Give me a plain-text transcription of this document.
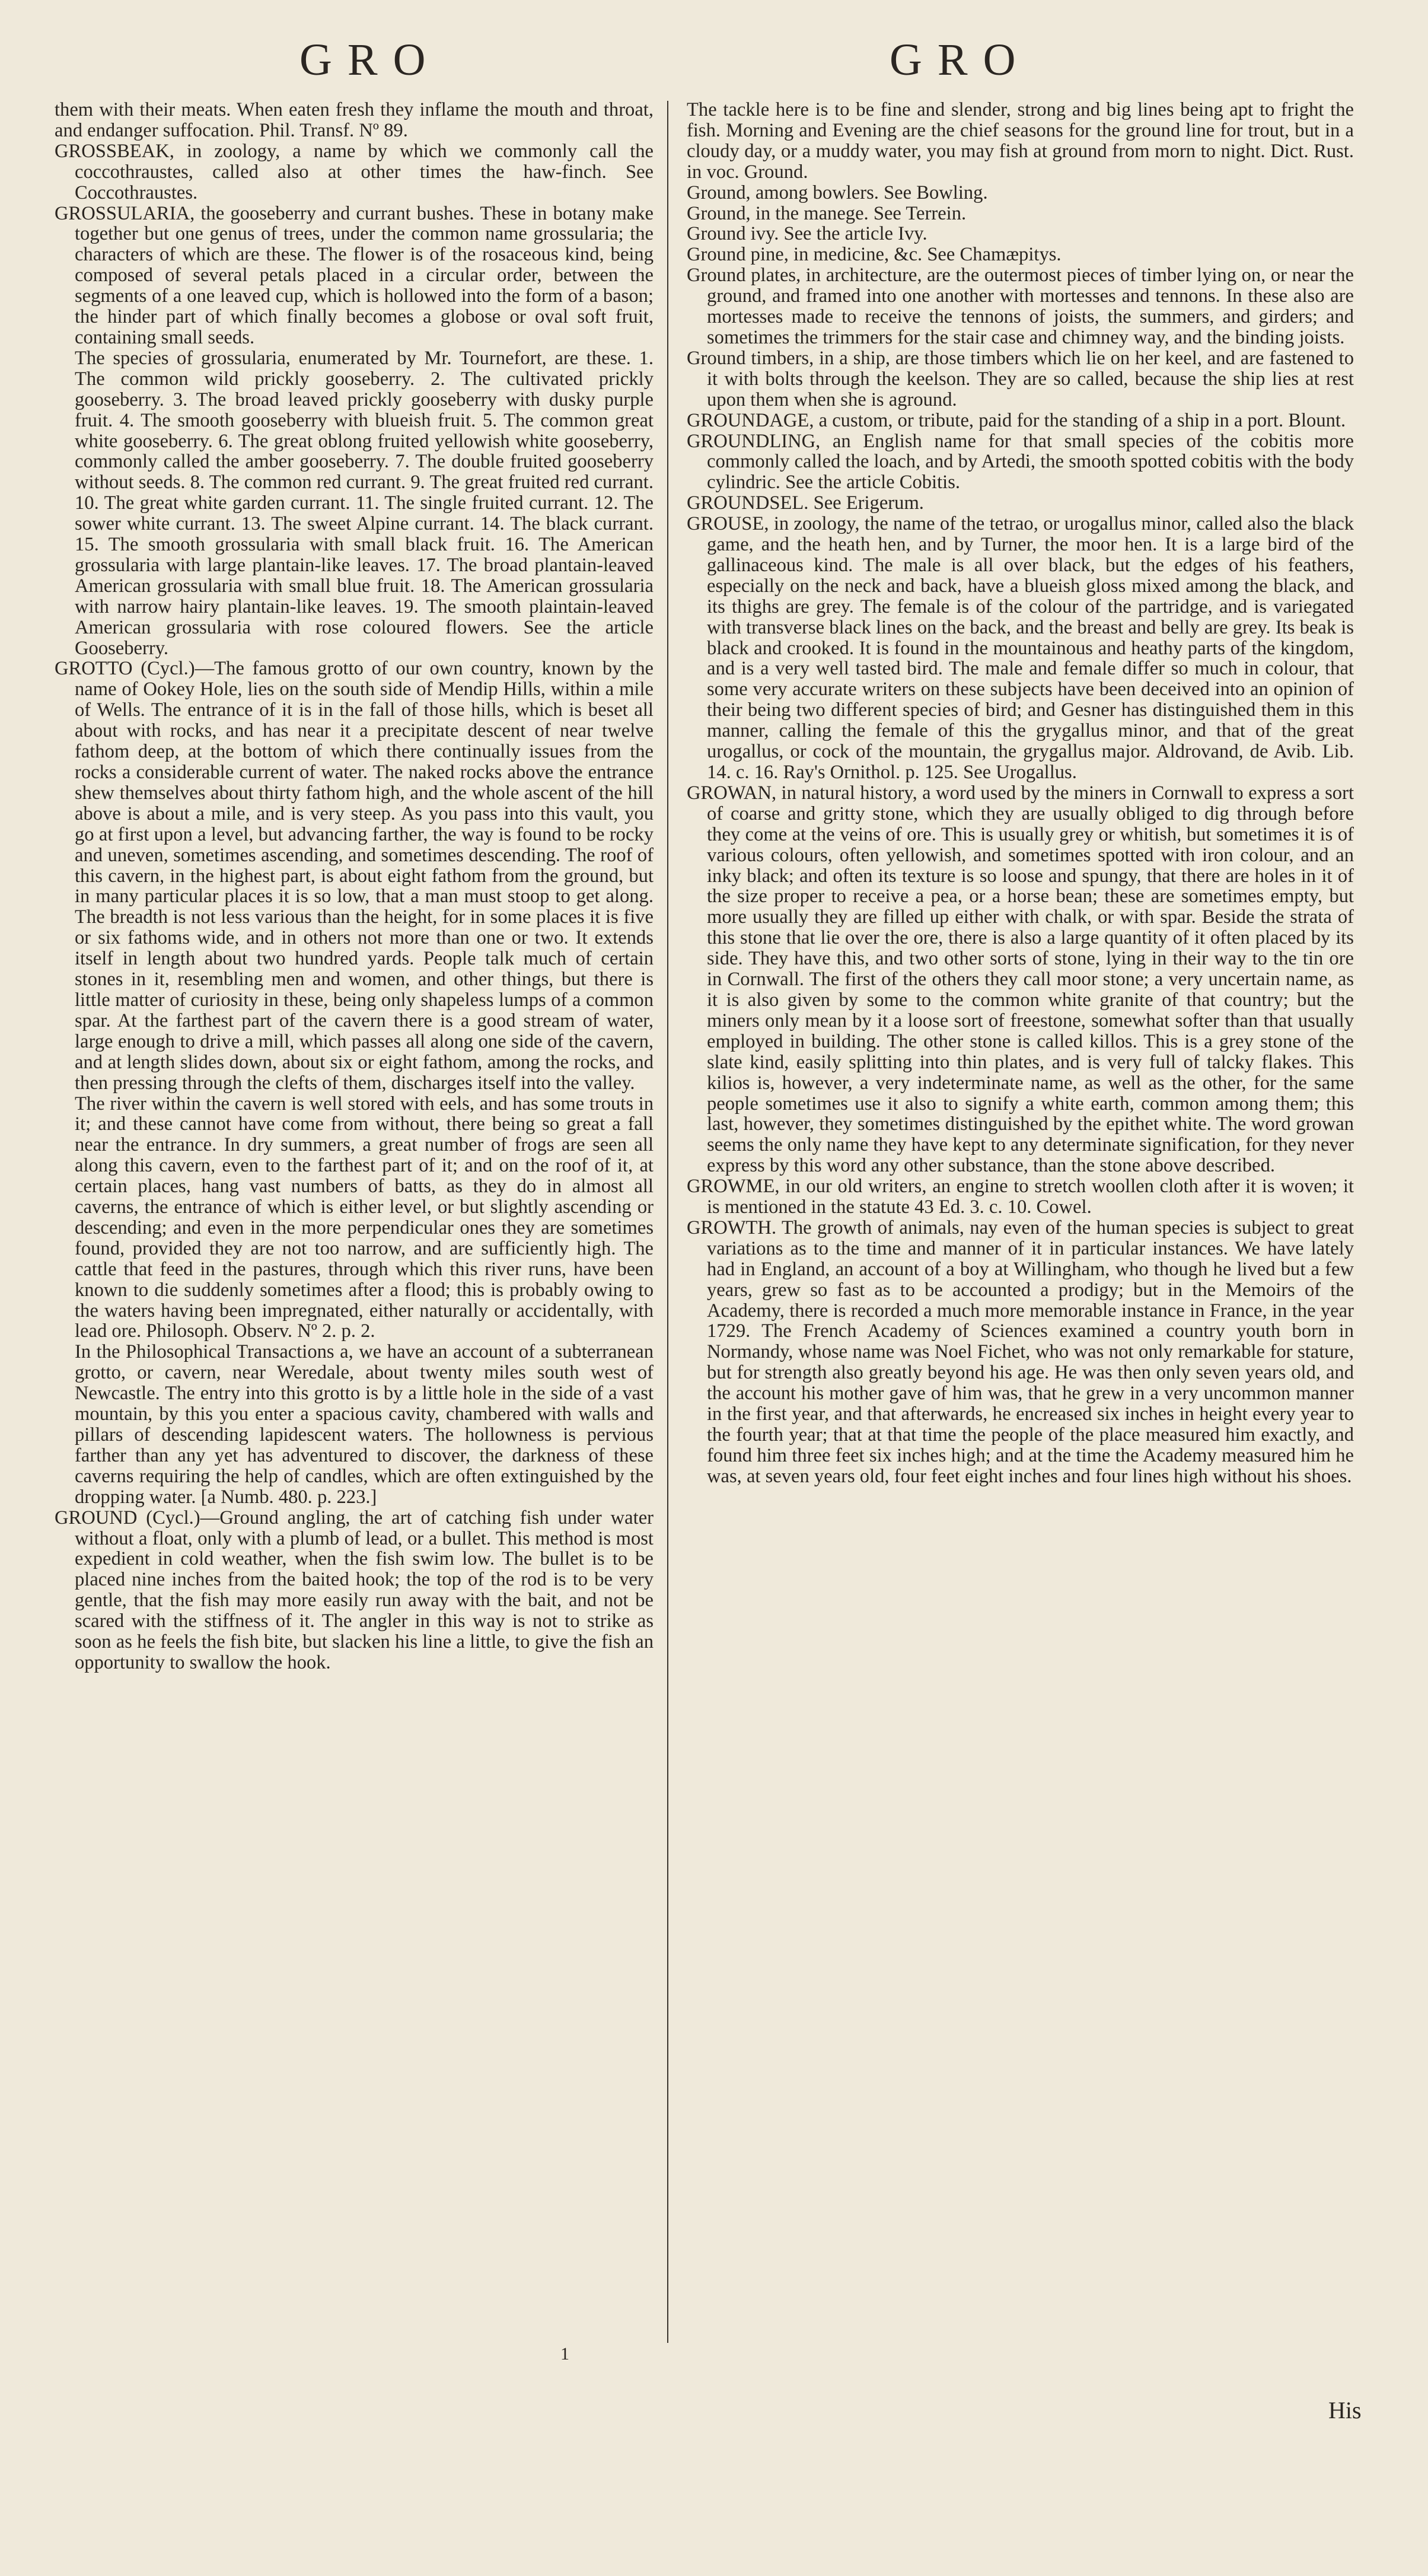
GRO	GRO

them with their meats. When eaten fresh they inflame the mouth and throat, and endanger suffocation. Phil. Transf. Nº 89.

GROSSBEAK, in zoology, a name by which we commonly call the coccothraustes, called also at other times the haw-finch. See Coccothraustes.

GROSSULARIA, the gooseberry and currant bushes. These in botany make together but one genus of trees, under the common name grossularia; the characters of which are these. The flower is of the rosaceous kind, being composed of several petals placed in a circular order, between the segments of a one leaved cup, which is hollowed into the form of a bason; the hinder part of which finally becomes a globose or oval soft fruit, containing small seeds.

The species of grossularia, enumerated by Mr. Tournefort, are these. 1. The common wild prickly gooseberry. 2. The cultivated prickly gooseberry. 3. The broad leaved prickly gooseberry with dusky purple fruit. 4. The smooth gooseberry with blueish fruit. 5. The common great white gooseberry. 6. The great oblong fruited yellowish white gooseberry, commonly called the amber gooseberry. 7. The double fruited gooseberry without seeds. 8. The common red currant. 9. The great fruited red currant. 10. The great white garden currant. 11. The single fruited currant. 12. The sower white currant. 13. The sweet Alpine currant. 14. The black currant. 15. The smooth grossularia with small black fruit. 16. The American grossularia with large plantain-like leaves. 17. The broad plantain-leaved American grossularia with small blue fruit. 18. The American grossularia with narrow hairy plantain-like leaves. 19. The smooth plaintain-leaved American grossularia with rose coloured flowers. See the article Gooseberry.

GROTTO (Cycl.)—The famous grotto of our own country, known by the name of Ookey Hole, lies on the south side of Mendip Hills, within a mile of Wells. The entrance of it is in the fall of those hills, which is beset all about with rocks, and has near it a precipitate descent of near twelve fathom deep, at the bottom of which there continually issues from the rocks a considerable current of water. The naked rocks above the entrance shew themselves about thirty fathom high, and the whole ascent of the hill above is about a mile, and is very steep. As you pass into this vault, you go at first upon a level, but advancing farther, the way is found to be rocky and uneven, sometimes ascending, and sometimes descending. The roof of this cavern, in the highest part, is about eight fathom from the ground, but in many particular places it is so low, that a man must stoop to get along. The breadth is not less various than the height, for in some places it is five or six fathoms wide, and in others not more than one or two. It extends itself in length about two hundred yards. People talk much of certain stones in it, resembling men and women, and other things, but there is little matter of curiosity in these, being only shapeless lumps of a common spar. At the farthest part of the cavern there is a good stream of water, large enough to drive a mill, which passes all along one side of the cavern, and at length slides down, about six or eight fathom, among the rocks, and then pressing through the clefts of them, discharges itself into the valley.

The river within the cavern is well stored with eels, and has some trouts in it; and these cannot have come from without, there being so great a fall near the entrance. In dry summers, a great number of frogs are seen all along this cavern, even to the farthest part of it; and on the roof of it, at certain places, hang vast numbers of batts, as they do in almost all caverns, the entrance of which is either level, or but slightly ascending or descending; and even in the more perpendicular ones they are sometimes found, provided they are not too narrow, and are sufficiently high. The cattle that feed in the pastures, through which this river runs, have been known to die suddenly sometimes after a flood; this is probably owing to the waters having been impregnated, either naturally or accidentally, with lead ore. Philosoph. Observ. Nº 2. p. 2.

In the Philosophical Transactions a, we have an account of a subterranean grotto, or cavern, near Weredale, about twenty miles south west of Newcastle. The entry into this grotto is by a little hole in the side of a vast mountain, by this you enter a spacious cavity, chambered with walls and pillars of descending lapidescent waters. The hollowness is pervious farther than any yet has adventured to discover, the darkness of these caverns requiring the help of candles, which are often extinguished by the dropping water. [a Numb. 480. p. 223.]

GROUND (Cycl.)—Ground angling, the art of catching fish under water without a float, only with a plumb of lead, or a bullet. This method is most expedient in cold weather, when the fish swim low. The bullet is to be placed nine inches from the baited hook; the top of the rod is to be very gentle, that the fish may more easily run away with the bait, and not be scared with the stiffness of it. The angler in this way is not to strike as soon as he feels the fish bite, but slacken his line a little, to give the fish an opportunity to swallow the hook.

The tackle here is to be fine and slender, strong and big lines being apt to fright the fish. Morning and Evening are the chief seasons for the ground line for trout, but in a cloudy day, or a muddy water, you may fish at ground from morn to night. Dict. Rust. in voc. Ground.

Ground, among bowlers. See Bowling.

Ground, in the manege. See Terrein.

Ground ivy. See the article Ivy.

Ground pine, in medicine, &c. See Chamæpitys.

Ground plates, in architecture, are the outermost pieces of timber lying on, or near the ground, and framed into one another with mortesses and tennons. In these also are mortesses made to receive the tennons of joists, the summers, and girders; and sometimes the trimmers for the stair case and chimney way, and the binding joists.

Ground timbers, in a ship, are those timbers which lie on her keel, and are fastened to it with bolts through the keelson. They are so called, because the ship lies at rest upon them when she is aground.

GROUNDAGE, a custom, or tribute, paid for the standing of a ship in a port. Blount.

GROUNDLING, an English name for that small species of the cobitis more commonly called the loach, and by Artedi, the smooth spotted cobitis with the body cylindric. See the article Cobitis.

GROUNDSEL. See Erigerum.

GROUSE, in zoology, the name of the tetrao, or urogallus minor, called also the black game, and the heath hen, and by Turner, the moor hen. It is a large bird of the gallinaceous kind. The male is all over black, but the edges of his feathers, especially on the neck and back, have a blueish gloss mixed among the black, and its thighs are grey. The female is of the colour of the partridge, and is variegated with transverse black lines on the back, and the breast and belly are grey. Its beak is black and crooked. It is found in the mountainous and heathy parts of the kingdom, and is a very well tasted bird. The male and female differ so much in colour, that some very accurate writers on these subjects have been deceived into an opinion of their being two different species of bird; and Gesner has distinguished them in this manner, calling the female of this the grygallus minor, and that of the great urogallus, or cock of the mountain, the grygallus major. Aldrovand, de Avib. Lib. 14. c. 16. Ray's Ornithol. p. 125. See Urogallus.

GROWAN, in natural history, a word used by the miners in Cornwall to express a sort of coarse and gritty stone, which they are usually obliged to dig through before they come at the veins of ore. This is usually grey or whitish, but sometimes it is of various colours, often yellowish, and sometimes spotted with iron colour, and an inky black; and often its texture is so loose and spungy, that there are holes in it of the size proper to receive a pea, or a horse bean; these are sometimes empty, but more usually they are filled up either with chalk, or with spar. Beside the strata of this stone that lie over the ore, there is also a large quantity of it often placed by its side. They have this, and two other sorts of stone, lying in their way to the tin ore in Cornwall. The first of the others they call moor stone; a very uncertain name, as it is also given by some to the common white granite of that country; but the miners only mean by it a loose sort of freestone, somewhat softer than that usually employed in building. The other stone is called killos. This is a grey stone of the slate kind, easily splitting into thin plates, and is very full of talcky flakes. This kilios is, however, a very indeterminate name, as well as the other, for the same people sometimes use it also to signify a white earth, common among them; this last, however, they sometimes distinguished by the epithet white. The word growan seems the only name they have kept to any determinate signification, for they never express by this word any other substance, than the stone above described.

GROWME, in our old writers, an engine to stretch woollen cloth after it is woven; it is mentioned in the statute 43 Ed. 3. c. 10. Cowel.

GROWTH. The growth of animals, nay even of the human species is subject to great variations as to the time and manner of it in particular instances. We have lately had in England, an account of a boy at Willingham, who though he lived but a few years, grew so fast as to be accounted a prodigy; but in the Memoirs of the Academy, there is recorded a much more memorable instance in France, in the year 1729. The French Academy of Sciences examined a country youth born in Normandy, whose name was Noel Fichet, who was not only remarkable for stature, but for strength also greatly beyond his age. He was then only seven years old, and the account his mother gave of him was, that he grew in a very uncommon manner in the first year, and that afterwards, he encreased six inches in height every year to the fourth year; that at that time the people of the place measured him exactly, and found him three feet six inches high; and at the time the Academy measured him he was, at seven years old, four feet eight inches and four lines high without his shoes.

1
His
